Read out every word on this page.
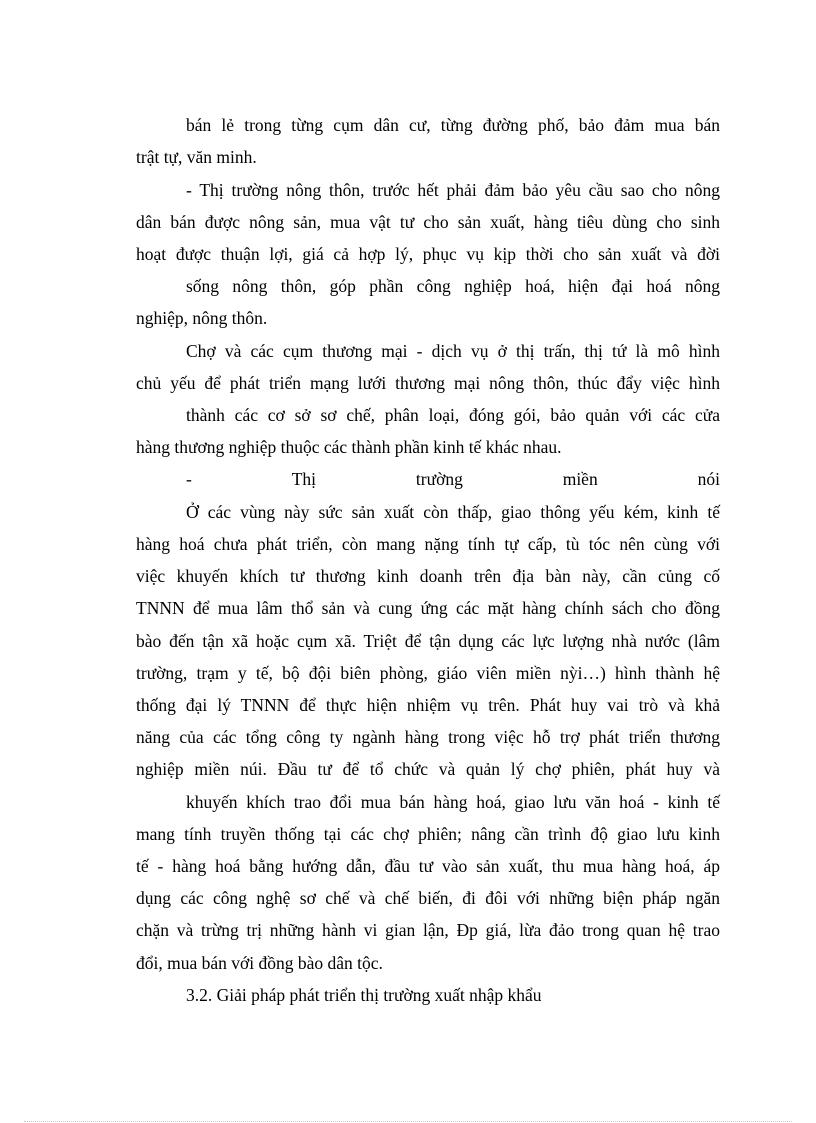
bán lẻ trong từng cụm dân cư, từng đường phố, bảo đảm mua bán
trật tự, văn minh.
- Thị trường nông thôn, trước hết phải đảm bảo yêu cầu sao cho nông
dân bán được nông sản, mua vật tư cho sản xuất, hàng tiêu dùng cho sinh
hoạt được thuận lợi, giá cả hợp lý, phục vụ kịp thời cho sản xuất và đời
sống nông thôn, góp phần công nghiệp hoá, hiện đại hoá nông
nghiệp, nông thôn.
Chợ và các cụm thương mại - dịch vụ ở thị trấn, thị tứ là mô hình
chủ yếu để phát triển mạng lưới thương mại nông thôn, thúc đẩy việc hình
thành các cơ sở sơ chế, phân loại, đóng gói, bảo quản với các cửa
hàng thương nghiệp thuộc các thành phần kinh tế khác nhau.
-	Thị	trường	miền	nói
Ở các vùng này sức sản xuất còn thấp, giao thông yếu kém, kinh tế
hàng hoá chưa phát triển, còn mang nặng tính tự cấp, tù tóc nên cùng với
việc khuyến khích tư thương kinh doanh trên địa bàn này, cần củng cố
TNNN để mua lâm thổ sản và cung ứng các mặt hàng chính sách cho đồng
bào đến tận xã hoặc cụm xã. Triệt để tận dụng các lực lượng nhà nước (lâm
trường, trạm y tế, bộ đội biên phòng, giáo viên miền nỳi…) hình thành hệ
thống đại lý TNNN để thực hiện nhiệm vụ trên. Phát huy vai trò và khả
năng của các tổng công ty ngành hàng trong việc hỗ trợ phát triển thương
nghiệp miền núi. Đầu tư để tổ chức và quản lý chợ phiên, phát huy và
khuyến khích trao đổi mua bán hàng hoá, giao lưu văn hoá - kinh tế
mang tính truyền thống tại các chợ phiên; nâng cần trình độ giao lưu kinh
tế - hàng hoá bằng hướng dẫn, đầu tư vào sản xuất, thu mua hàng hoá, áp
dụng các công nghệ sơ chế và chế biến, đi đôi với những biện pháp ngăn
chặn và trừng trị những hành vi gian lận, Đp giá, lừa đảo trong quan hệ trao
đổi, mua bán với đồng bào dân tộc.
3.2. Giải pháp phát triển thị trường xuất nhập khẩu
